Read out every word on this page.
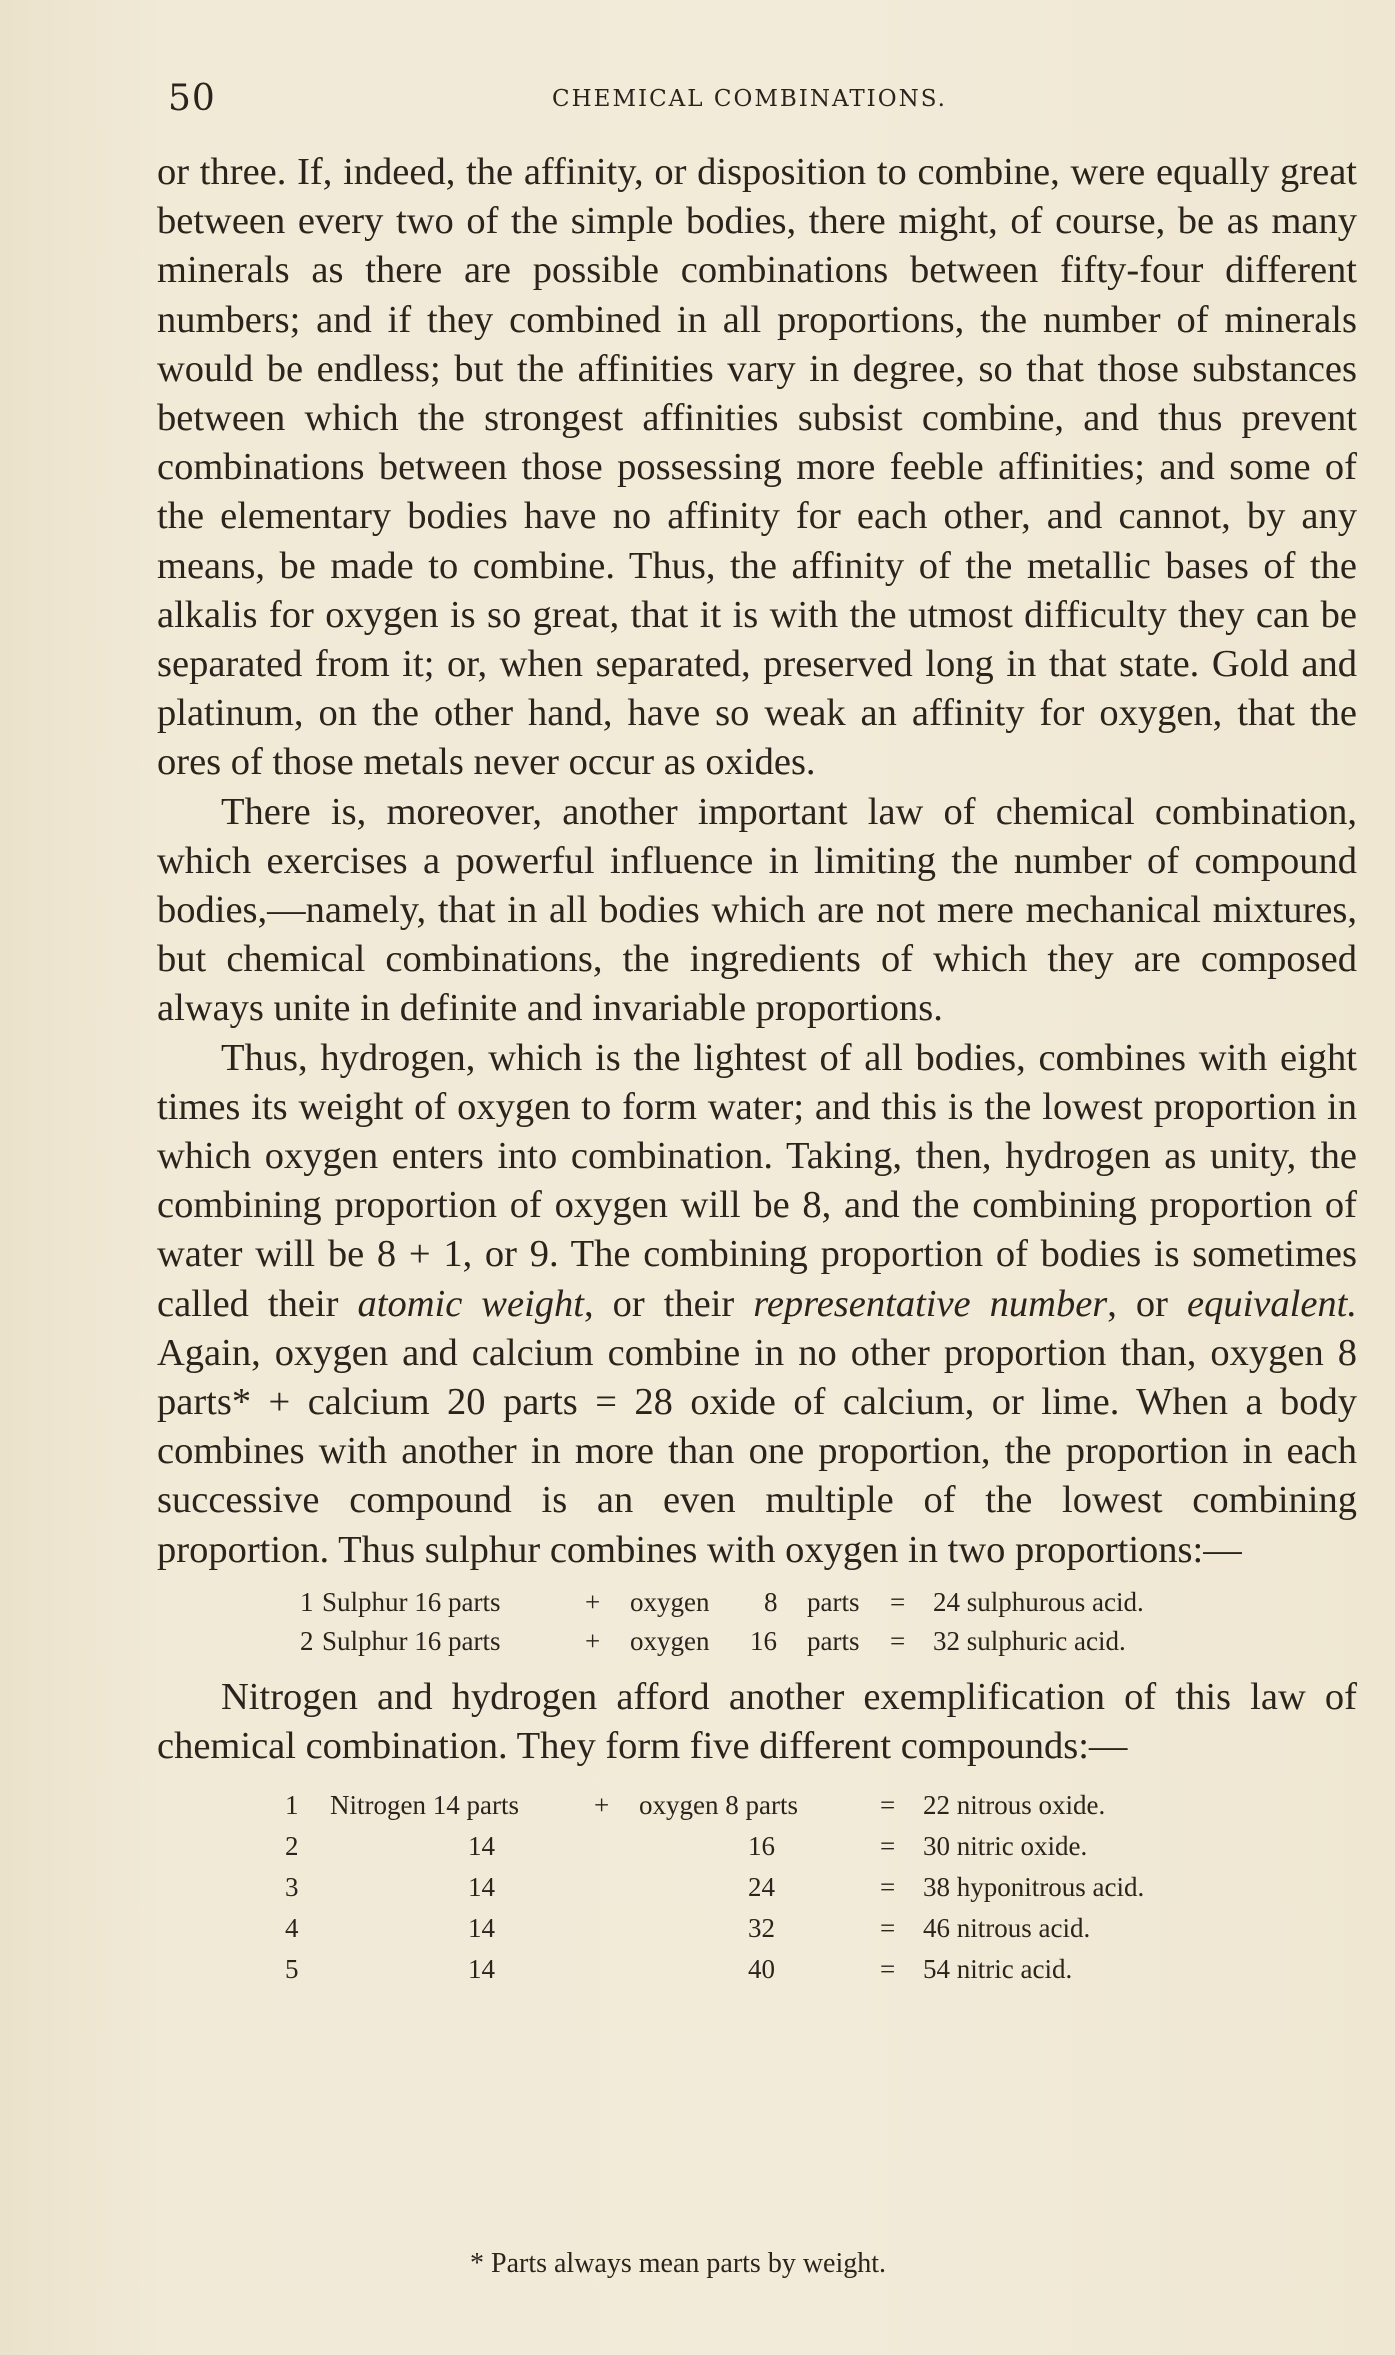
50	CHEMICAL COMBINATIONS.

or three. If, indeed, the affinity, or disposition to combine, were equally great between every two of the simple bodies, there might, of course, be as many minerals as there are possible combinations between fifty-four different numbers; and if they combined in all proportions, the number of minerals would be endless; but the affinities vary in degree, so that those substances between which the strongest affinities subsist combine, and thus prevent combinations between those possessing more feeble affinities; and some of the elementary bodies have no affinity for each other, and cannot, by any means, be made to combine. Thus, the affinity of the metallic bases of the alkalis for oxygen is so great, that it is with the utmost difficulty they can be separated from it; or, when separated, preserved long in that state. Gold and platinum, on the other hand, have so weak an affinity for oxygen, that the ores of those metals never occur as oxides.

There is, moreover, another important law of chemical combination, which exercises a powerful influence in limiting the number of compound bodies,—namely, that in all bodies which are not mere mechanical mixtures, but chemical combinations, the ingredients of which they are composed always unite in definite and invariable proportions.

Thus, hydrogen, which is the lightest of all bodies, combines with eight times its weight of oxygen to form water; and this is the lowest proportion in which oxygen enters into combination. Taking, then, hydrogen as unity, the combining proportion of oxygen will be 8, and the combining proportion of water will be 8 + 1, or 9. The combining proportion of bodies is sometimes called their atomic weight, or their representative number, or equivalent. Again, oxygen and calcium combine in no other proportion than, oxygen 8 parts* + calcium 20 parts = 28 oxide of calcium, or lime. When a body combines with another in more than one proportion, the proportion in each successive compound is an even multiple of the lowest combining proportion. Thus sulphur combines with oxygen in two proportions:—

1 Sulphur 16 parts	+ oxygen 8 parts = 24 sulphurous acid.
2 Sulphur 16 parts	+ oxygen 16 parts = 32 sulphuric acid.

Nitrogen and hydrogen afford another exemplification of this law of chemical combination. They form five different compounds:—

1 Nitrogen 14 parts	+ oxygen 8 parts	= 22 nitrous oxide.
2	14	16	= 30 nitric oxide.
3	14	24	= 38 hyponitrous acid.
4	14	32	= 46 nitrous acid.
5	14	40	= 54 nitric acid.
* Parts always mean parts by weight.
